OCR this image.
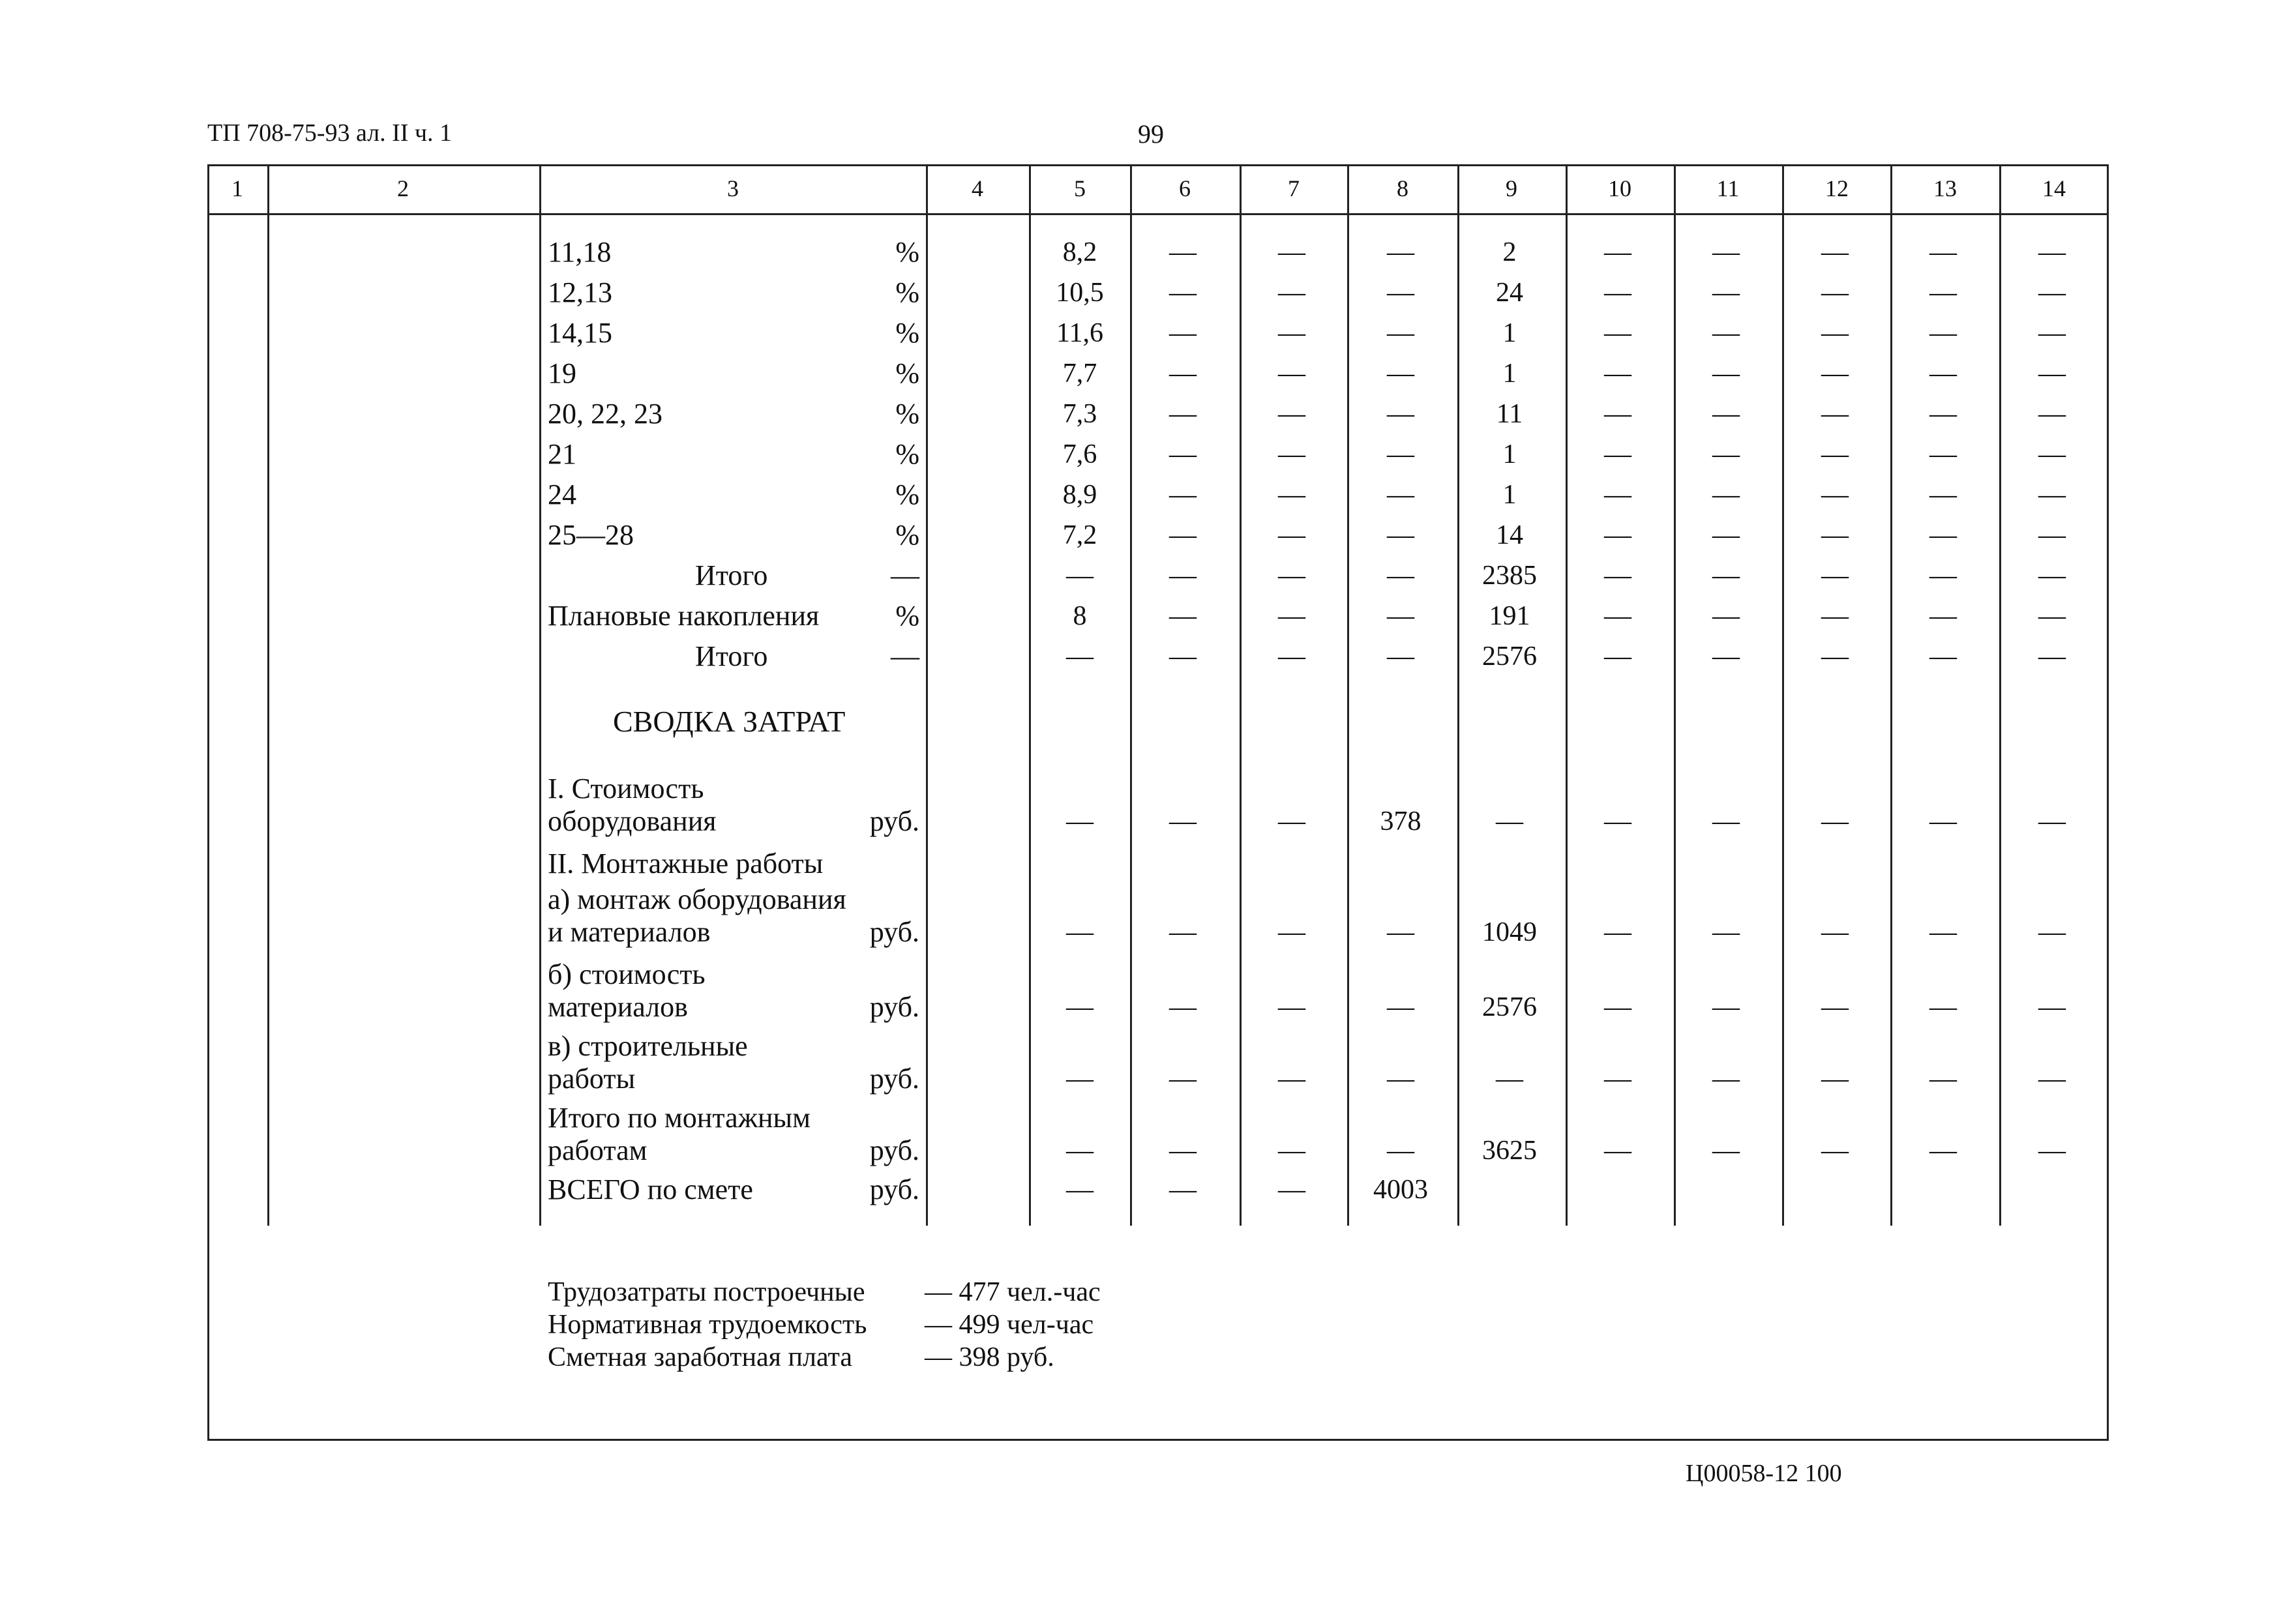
ТП 708-75-93 ал. II ч. 1	99
1	2	3	4	5	6	7	8	9	10	11	12	13	14
11,18	%	8,2	—	—	—	2	—	—	—	—	—
12,13	%	10,5	—	—	—	24	—	—	—	—	—
14,15	%	11,6	—	—	—	1	—	—	—	—	—
19	%	7,7	—	—	—	1	—	—	—	—	—
20, 22, 23	%	7,3	—	—	—	11	—	—	—	—	—
21	%	7,6	—	—	—	1	—	—	—	—	—
24	%	8,9	—	—	—	1	—	—	—	—	—
25—28	%	7,2	—	—	—	14	—	—	—	—	—
Итого	—	—	—	—	—	2385	—	—	—	—	—
Плановые накопления	%	8	—	—	—	191	—	—	—	—	—
Итого	—	—	—	—	—	2576	—	—	—	—	—
СВОДКА ЗАТРАТ
I. Стоимость
оборудования	руб.	—	—	—	378	—	—	—	—	—	—
II. Монтажные работы
а) монтаж оборудования
и материалов	руб.	—	—	—	—	1049	—	—	—	—	—
б) стоимость
материалов	руб.	—	—	—	—	2576	—	—	—	—	—
в) строительные
работы	руб.	—	—	—	—	—	—	—	—	—	—
Итого по монтажным
работам	руб.	—	—	—	—	3625	—	—	—	—	—
ВСЕГО по смете	руб.	—	—	—	4003
Трудозатраты построечные — 477 чел.-час
Нормативная трудоемкость — 499 чел-час
Сметная заработная плата	— 398 руб.
Ц00058-12 100
